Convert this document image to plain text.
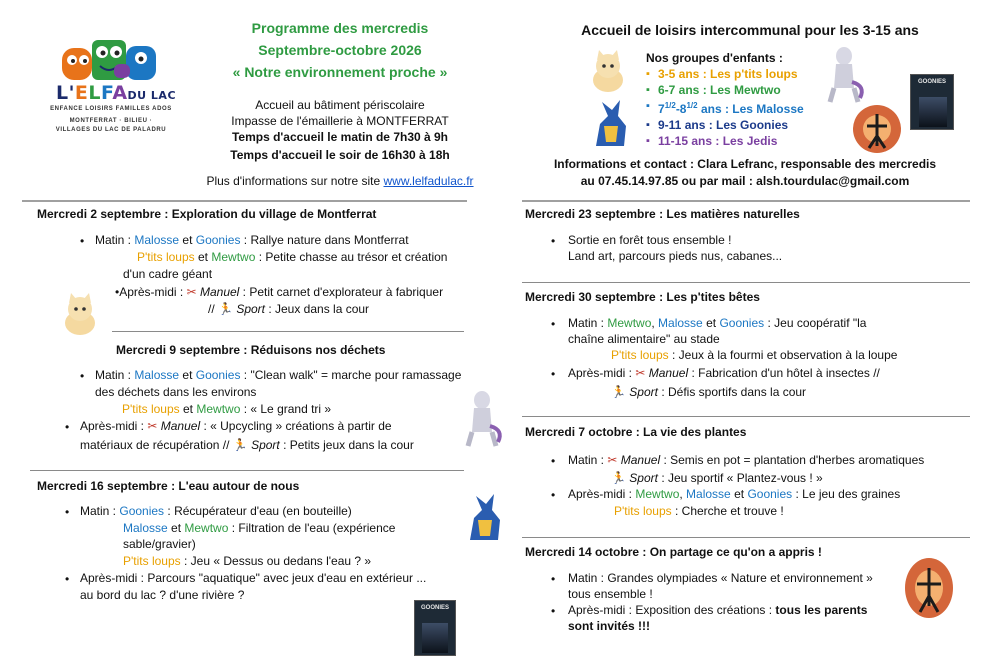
L'ELFADU LAC
ENFANCE LOISIRS FAMILLES ADOS
MONTFERRAT · BILIEU ·
VILLAGES DU LAC DE PALADRU
Programme des mercredis
Septembre-octobre 2026
« Notre environnement proche »
Accueil au bâtiment périscolaire
Impasse de l'émaillerie à MONTFERRAT
Temps d'accueil le matin de 7h30 à 9h
Temps d'accueil le soir de 16h30 à 18h
Plus d'informations sur notre site www.lelfadulac.fr
Accueil de loisirs intercommunal pour les 3-15 ans
Nos groupes d'enfants :
▪ 3-5 ans : Les p'tits loups
▪ 6-7 ans : Les Mewtwo
▪ $7^{1/2}-8^{1/2}$ ans : Les Malosse
▪ 9-11 ans : Les Goonies
▪ 11-15 ans : Les Jedis
GOONIES
Informations et contact : Clara Lefranc, responsable des mercredis
au 07.45.14.97.85 ou par mail : alsh.tourdulac@gmail.com
Mercredi 2 septembre : Exploration du village de Montferrat
• Matin : Malosse et Goonies : Rallye nature dans Montferrat
P'tits loups et Mewtwo : Petite chasse au trésor et création
d'un cadre géant
•Après-midi : ✂ Manuel : Petit carnet d'explorateur à fabriquer
// 🏃 Sport : Jeux dans la cour
Mercredi 9 septembre : Réduisons nos déchets
• Matin : Malosse et Goonies : "Clean walk" = marche pour ramassage
des déchets dans les environs
P'tits loups et Mewtwo : « Le grand tri »
• Après-midi : ✂ Manuel : « Upcycling » créations à partir de
matériaux de récupération // 🏃 Sport : Petits jeux dans la cour
Mercredi 16 septembre : L'eau autour de nous
• Matin : Goonies : Récupérateur d'eau (en bouteille)
Malosse et Mewtwo : Filtration de l'eau (expérience
sable/gravier)
P'tits loups : Jeu « Dessus ou dedans l'eau ? »
• Après-midi : Parcours "aquatique" avec jeux d'eau en extérieur ...
au bord du lac ? d'une rivière ?
GOONIES
Mercredi 23 septembre : Les matières naturelles
• Sortie en forêt tous ensemble !
Land art, parcours pieds nus, cabanes...
Mercredi 30 septembre : Les p'tites bêtes
• Matin : Mewtwo, Malosse et Goonies : Jeu coopératif "la
chaîne alimentaire" au stade
P'tits loups : Jeux à la fourmi et observation à la loupe
• Après-midi : ✂ Manuel : Fabrication d'un hôtel à insectes //
🏃 Sport : Défis sportifs dans la cour
Mercredi 7 octobre : La vie des plantes
• Matin : ✂ Manuel : Semis en pot = plantation d'herbes aromatiques
🏃 Sport : Jeu sportif « Plantez-vous ! »
• Après-midi : Mewtwo, Malosse et Goonies : Le jeu des graines
P'tits loups : Cherche et trouve !
Mercredi 14 octobre : On partage ce qu'on a appris !
• Matin : Grandes olympiades « Nature et environnement »
tous ensemble !
• Après-midi : Exposition des créations : tous les parents
sont invités !!!
